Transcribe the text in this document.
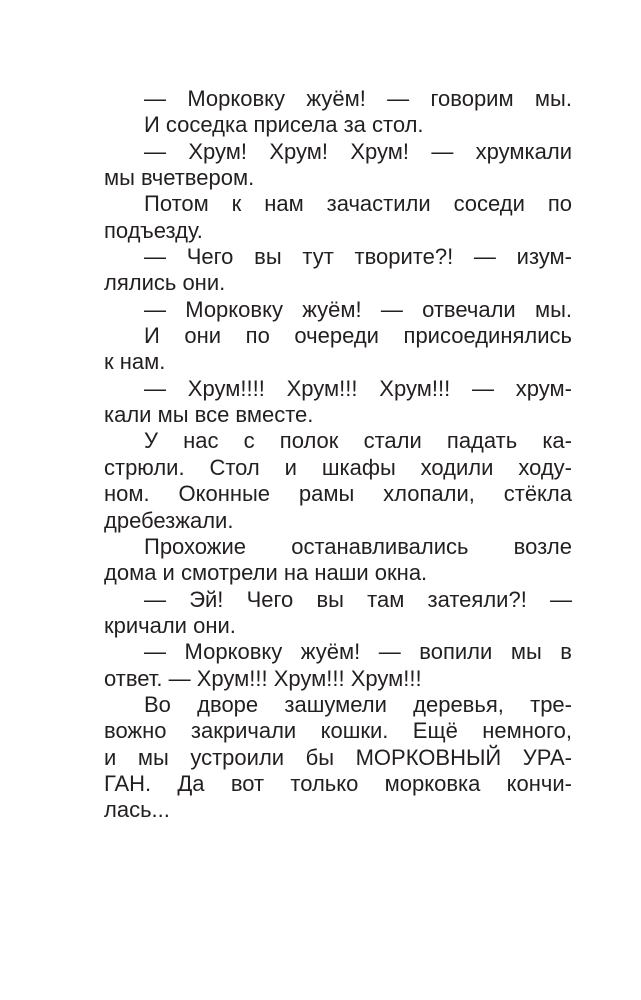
— Морковку жуём! — говорим мы.
И соседка присела за стол.
— Хрум! Хрум! Хрум! — хрумкали
мы вчетвером.
Потом к нам зачастили соседи по
подъезду.
— Чего вы тут творите?! — изум-
лялись они.
— Морковку жуём! — отвечали мы.
И они по очереди присоединялись
к нам.
— Хрум!!!! Хрум!!! Хрум!!! — хрум-
кали мы все вместе.
У нас с полок стали падать ка-
стрюли. Стол и шкафы ходили ходу-
ном. Оконные рамы хлопали, стёкла
дребезжали.
Прохожие останавливались возле
дома и смотрели на наши окна.
— Эй! Чего вы там затеяли?! —
кричали они.
— Морковку жуём! — вопили мы в
ответ. — Хрум!!! Хрум!!! Хрум!!!
Во дворе зашумели деревья, тре-
вожно закричали кошки. Ещё немного,
и мы устроили бы МОРКОВНЫЙ УРА-
ГАН. Да вот только морковка кончи-
лась...
